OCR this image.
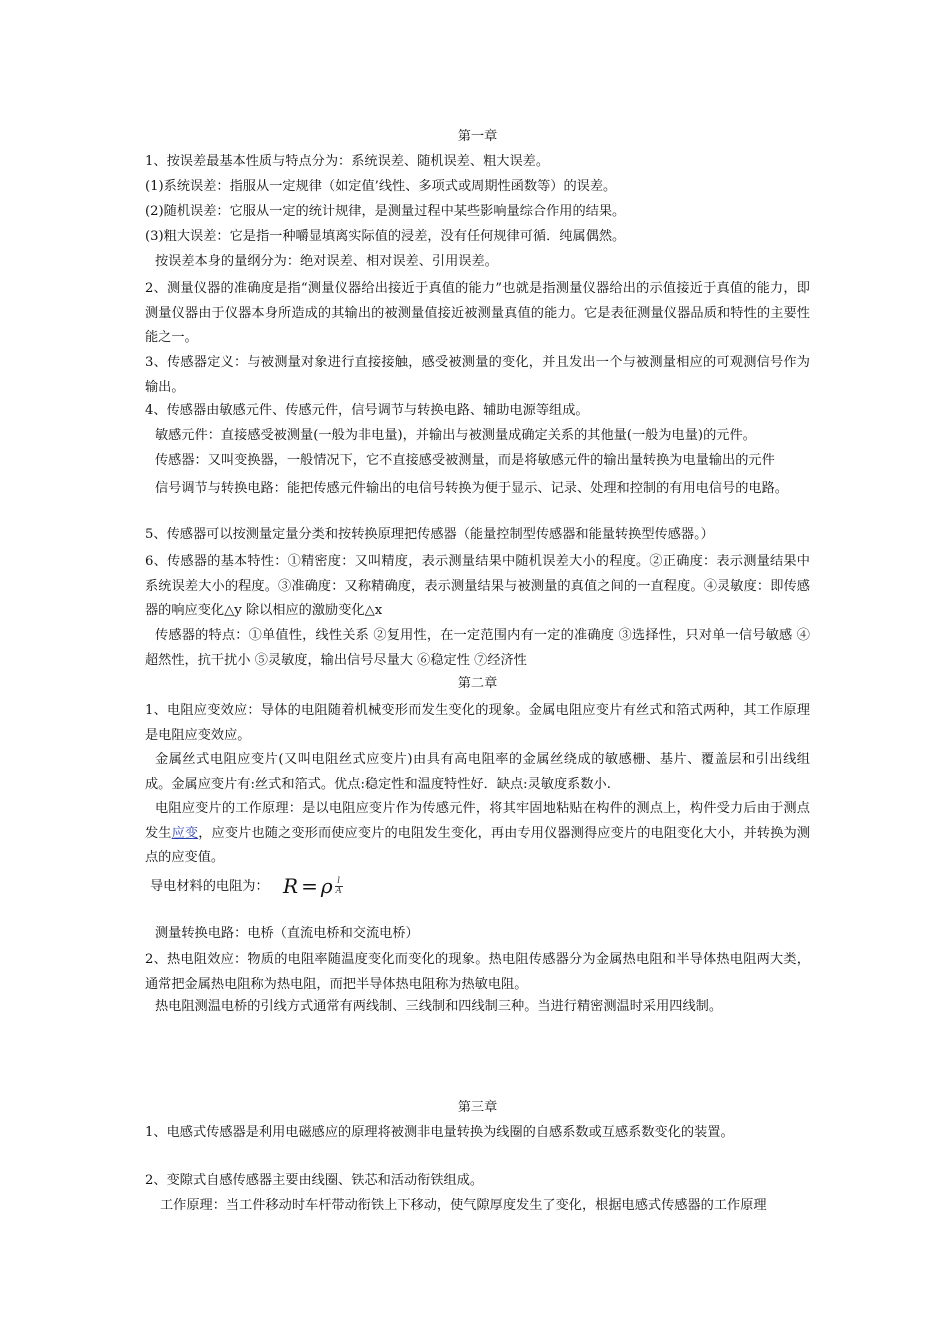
第一章
1、按误差最基本性质与特点分为：系统误差、随机误差、粗大误差。
(1)系统误差：指服从一定规律（如定值’线性、多项式或周期性函数等）的误差。
(2)随机误差：它服从一定的统计规律，是测量过程中某些影响量综合作用的结果。
(3)粗大误差：它是指一种嚼显填离实际值的浸差，没有任何规律可循．纯属偶然。
按误差本身的量纲分为：绝对误差、相对误差、引用误差。
2、测量仪器的准确度是指“测量仪器给出接近于真值的能力”也就是指测量仪器给出的示值接近于真值的能力，即测量仪器由于仪器本身所造成的其输出的被测量值接近被测量真值的能力。它是表征测量仪器品质和特性的主要性能之一。
3、传感器定义：与被测量对象进行直接接触，感受被测量的变化，并且发出一个与被测量相应的可观测信号作为输出。
4、传感器由敏感元件、传感元件，信号调节与转换电路、辅助电源等组成。
敏感元件：直接感受被测量(一般为非电量)，并输出与被测量成确定关系的其他量(一般为电量)的元件。
传感器：又叫变换器，一般情况下，它不直接感受被测量，而是将敏感元件的输出量转换为电量输出的元件
信号调节与转换电路：能把传感元件输出的电信号转换为便于显示、记录、处理和控制的有用电信号的电路。
5、传感器可以按测量定量分类和按转换原理把传感器（能量控制型传感器和能量转换型传感器。）
6、传感器的基本特性：①精密度：又叫精度，表示测量结果中随机误差大小的程度。②正确度：表示测量结果中系统误差大小的程度。③准确度：又称精确度，表示测量结果与被测量的真值之间的一直程度。④灵敏度：即传感器的响应变化△y 除以相应的激励变化△x
传感器的特点：①单值性，线性关系 ②复用性，在一定范围内有一定的准确度 ③选择性，只对单一信号敏感 ④超然性，抗干扰小 ⑤灵敏度，输出信号尽量大 ⑥稳定性 ⑦经济性
第二章
1、电阻应变效应：导体的电阻随着机械变形而发生变化的现象。金属电阻应变片有丝式和箔式两种，其工作原理是电阻应变效应。
金属丝式电阻应变片(又叫电阻丝式应变片)由具有高电阻率的金属丝绕成的敏感栅、基片、覆盖层和引出线组成。金属应变片有:丝式和箔式。优点:稳定性和温度特性好．缺点:灵敏度系数小.
电阻应变片的工作原理：是以电阻应变片作为传感元件，将其牢固地粘贴在构件的测点上，构件受力后由于测点发生应变，应变片也随之变形而使应变片的电阻发生变化，再由专用仪器测得应变片的电阻变化大小，并转换为测点的应变值。
导电材料的电阻为： R = ρ $\frac{l}{A}$
测量转换电路：电桥（直流电桥和交流电桥）
2、热电阻效应：物质的电阻率随温度变化而变化的现象。热电阻传感器分为金属热电阻和半导体热电阻两大类，通常把金属热电阻称为热电阻，而把半导体热电阻称为热敏电阻。
热电阻测温电桥的引线方式通常有两线制、三线制和四线制三种。当进行精密测温时采用四线制。
第三章
1、电感式传感器是利用电磁感应的原理将被测非电量转换为线圈的自感系数或互感系数变化的装置。
2、变隙式自感传感器主要由线圈、铁芯和活动衔铁组成。
工作原理：当工件移动时车杆带动衔铁上下移动，使气隙厚度发生了变化，根据电感式传感器的工作原理
